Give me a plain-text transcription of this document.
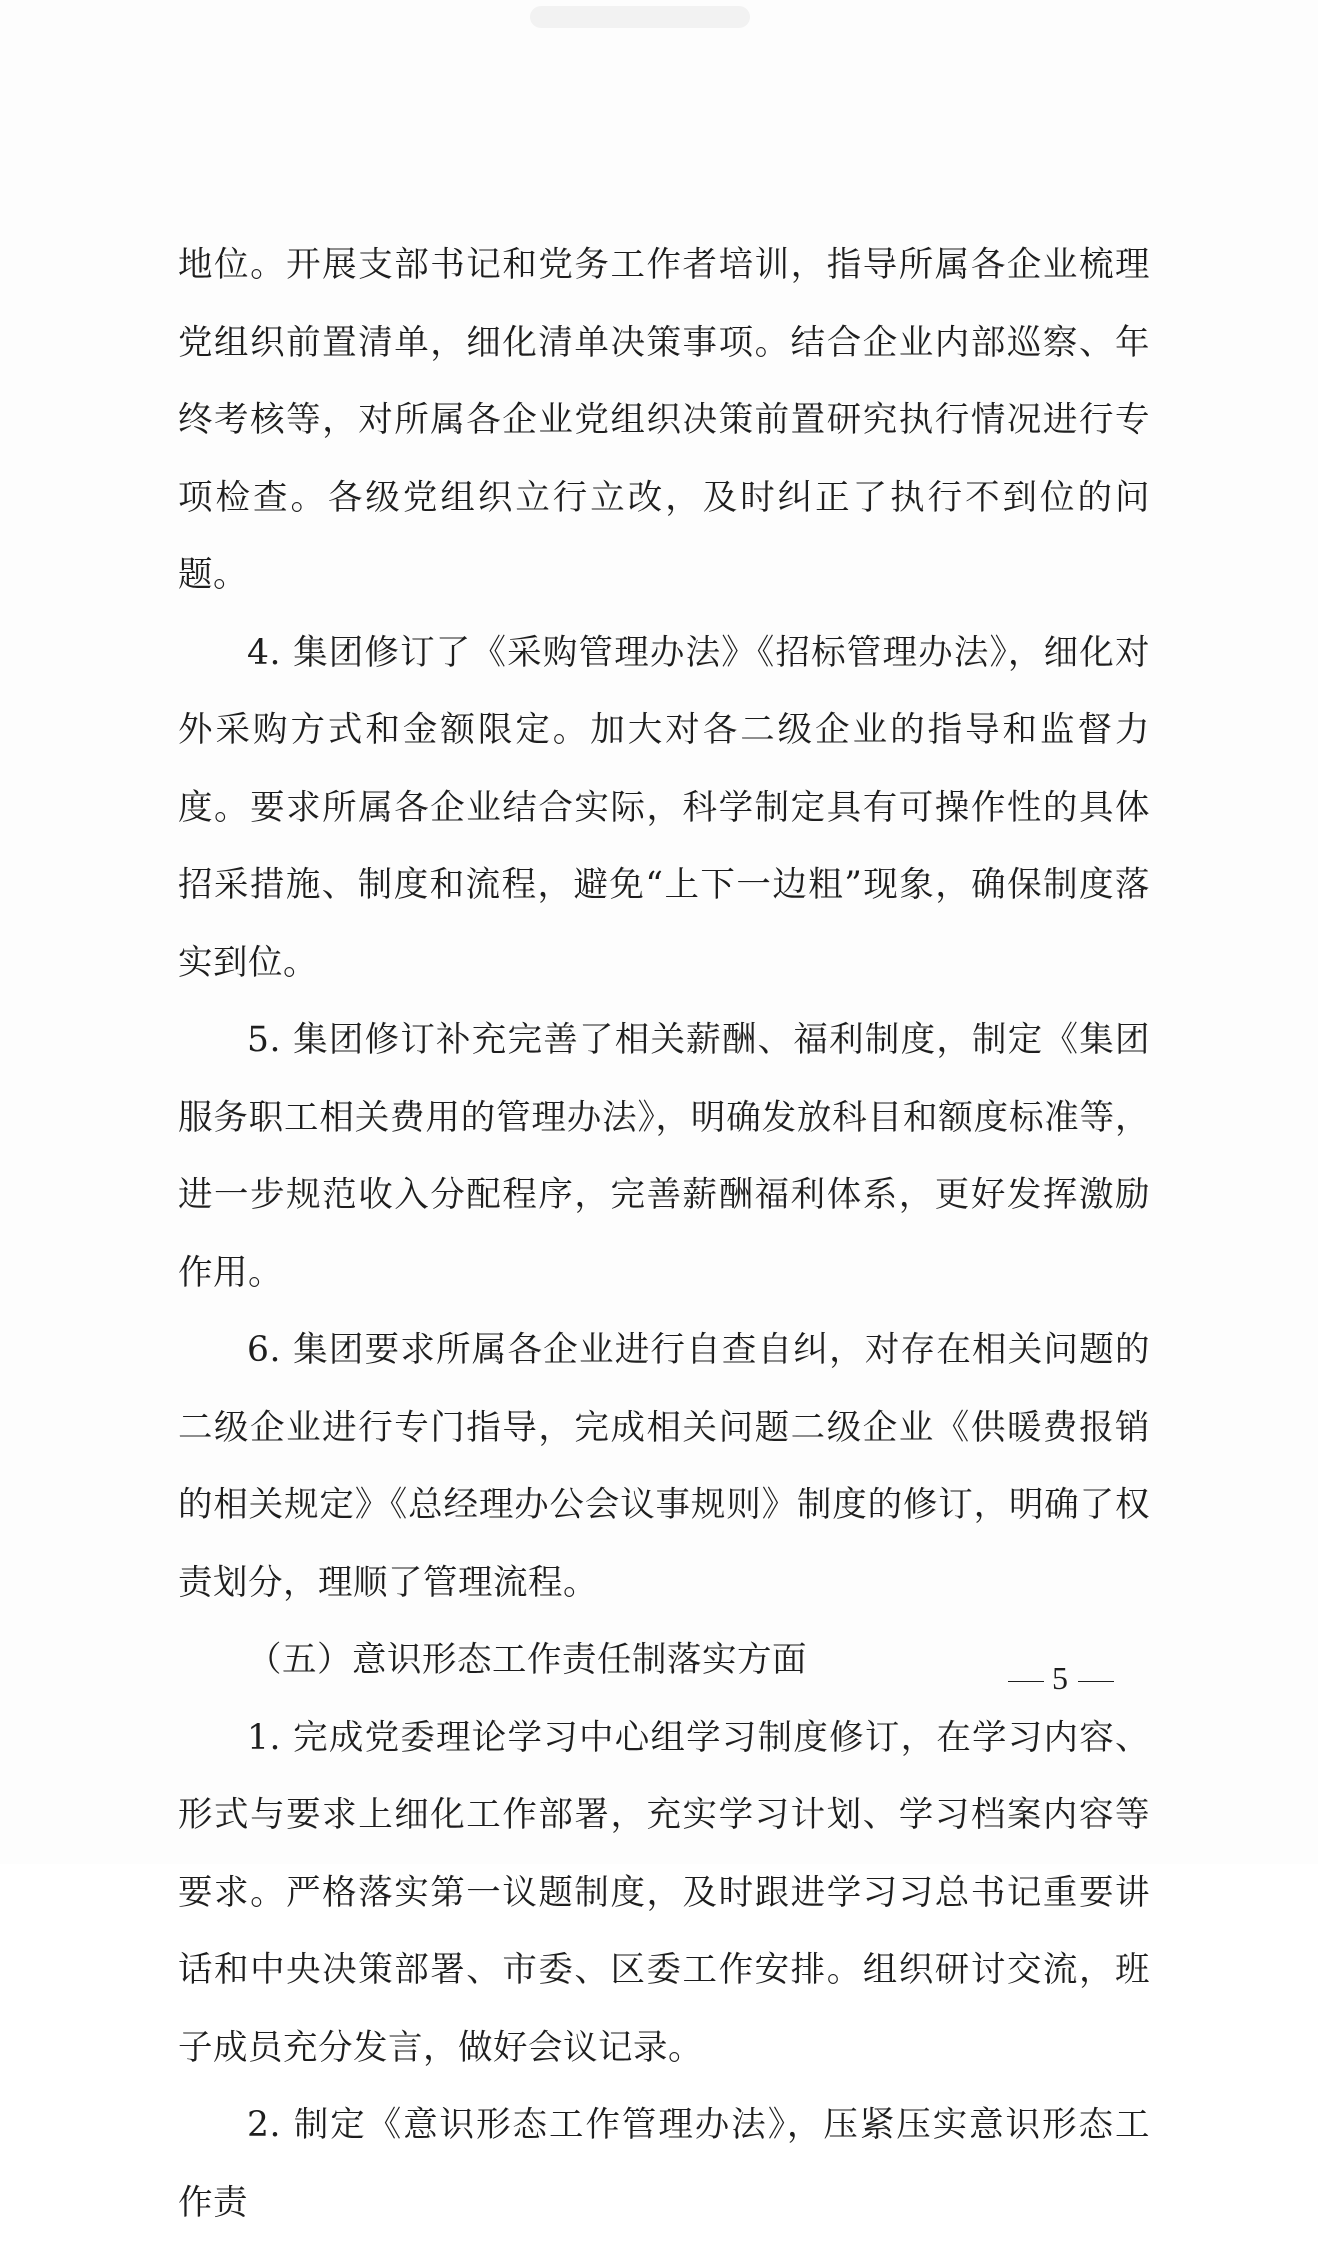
地位。开展支部书记和党务工作者培训，指导所属各企业梳理党组织前置清单，细化清单决策事项。结合企业内部巡察、年终考核等，对所属各企业党组织决策前置研究执行情况进行专项检查。各级党组织立行立改，及时纠正了执行不到位的问题。

4. 集团修订了《采购管理办法》《招标管理办法》，细化对外采购方式和金额限定。加大对各二级企业的指导和监督力度。要求所属各企业结合实际，科学制定具有可操作性的具体招采措施、制度和流程，避免“上下一边粗”现象，确保制度落实到位。

5. 集团修订补充完善了相关薪酬、福利制度，制定《集团服务职工相关费用的管理办法》，明确发放科目和额度标准等，进一步规范收入分配程序，完善薪酬福利体系，更好发挥激励作用。

6. 集团要求所属各企业进行自查自纠，对存在相关问题的二级企业进行专门指导，完成相关问题二级企业《供暖费报销的相关规定》《总经理办公会议事规则》制度的修订，明确了权责划分，理顺了管理流程。

（五）意识形态工作责任制落实方面

1. 完成党委理论学习中心组学习制度修订，在学习内容、形式与要求上细化工作部署，充实学习计划、学习档案内容等要求。严格落实第一议题制度，及时跟进学习习总书记重要讲话和中央决策部署、市委、区委工作安排。组织研讨交流，班子成员充分发言，做好会议记录。

2. 制定《意识形态工作管理办法》，压紧压实意识形态工作责

5
